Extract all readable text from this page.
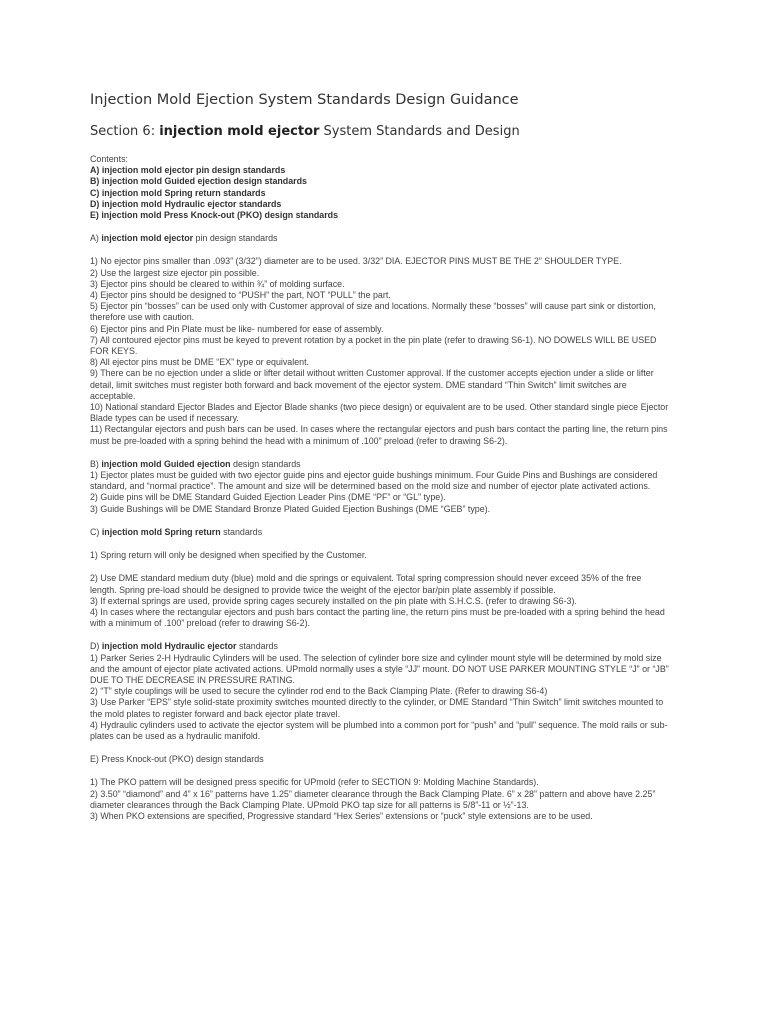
Injection Mold Ejection System Standards Design Guidance
Section 6: injection mold ejector System Standards and Design

Contents:

A) injection mold ejector pin design standards

B) injection mold Guided ejection design standards

C) injection mold Spring return standards

D) injection mold Hydraulic ejector standards

E) injection mold Press Knock-out (PKO) design standards

A) injection mold ejector pin design standards

1) No ejector pins smaller than .093” (3/32”) diameter are to be used. 3/32” DIA. EJECTOR PINS MUST BE THE 2” SHOULDER TYPE.

2) Use the largest size ejector pin possible.

3) Ejector pins should be cleared to within ¾” of molding surface.

4) Ejector pins should be designed to “PUSH” the part, NOT “PULL” the part.

5) Ejector pin “bosses” can be used only with Customer approval of size and locations. Normally these “bosses” will cause part sink or distortion, therefore use with caution.

6) Ejector pins and Pin Plate must be like- numbered for ease of assembly.

7) All contoured ejector pins must be keyed to prevent rotation by a pocket in the pin plate (refer to drawing S6-1). NO DOWELS WILL BE USED FOR KEYS.

8) All ejector pins must be DME “EX” type or equivalent.

9) There can be no ejection under a slide or lifter detail without written Customer approval. If the customer accepts ejection under a slide or lifter detail, limit switches must register both forward and back movement of the ejector system. DME standard “Thin Switch” limit switches are acceptable.

10) National standard Ejector Blades and Ejector Blade shanks (two piece design) or equivalent are to be used. Other standard single piece Ejector Blade types can be used if necessary.

11) Rectangular ejectors and push bars can be used. In cases where the rectangular ejectors and push bars contact the parting line, the return pins must be pre-loaded with a spring behind the head with a minimum of .100” preload (refer to drawing S6-2).

B) injection mold Guided ejection design standards

1) Ejector plates must be guided with two ejector guide pins and ejector guide bushings minimum. Four Guide Pins and Bushings are considered standard, and “normal practice”. The amount and size will be determined based on the mold size and number of ejector plate activated actions.

2) Guide pins will be DME Standard Guided Ejection Leader Pins (DME “PF” or “GL” type).

3) Guide Bushings will be DME Standard Bronze Plated Guided Ejection Bushings (DME “GEB” type).

C) injection mold Spring return standards

1) Spring return will only be designed when specified by the Customer.

2) Use DME standard medium duty (blue) mold and die springs or equivalent. Total spring compression should never exceed 35% of the free length. Spring pre-load should be designed to provide twice the weight of the ejector bar/pin plate assembly if possible.

3) If external springs are used, provide spring cages securely installed on the pin plate with S.H.C.S. (refer to drawing S6-3).

4) In cases where the rectangular ejectors and push bars contact the parting line, the return pins must be pre-loaded with a spring behind the head with a minimum of .100” preload (refer to drawing S6-2).

D) injection mold Hydraulic ejector standards

1) Parker Series 2-H Hydraulic Cylinders will be used. The selection of cylinder bore size and cylinder mount style will be determined by mold size and the amount of ejector plate activated actions. UPmold normally uses a style “JJ” mount. DO NOT USE PARKER MOUNTING STYLE “J” or “JB” DUE TO THE DECREASE IN PRESSURE RATING.

2) “T” style couplings will be used to secure the cylinder rod end to the Back Clamping Plate. (Refer to drawing S6-4)

3) Use Parker “EPS” style solid-state proximity switches mounted directly to the cylinder, or DME Standard “Thin Switch” limit switches mounted to the mold plates to register forward and back ejector plate travel.

4) Hydraulic cylinders used to activate the ejector system will be plumbed into a common port for “push” and “pull” sequence. The mold rails or sub-plates can be used as a hydraulic manifold.

E) Press Knock-out (PKO) design standards

1) The PKO pattern will be designed press specific for UPmold (refer to SECTION 9: Molding Machine Standards).

2) 3.50” “diamond” and 4” x 16” patterns have 1.25” diameter clearance through the Back Clamping Plate. 6” x 28” pattern and above have 2.25” diameter clearances through the Back Clamping Plate. UPmold PKO tap size for all patterns is 5/8”-11 or ½”-13.

3) When PKO extensions are specified, Progressive standard “Hex Series” extensions or “puck” style extensions are to be used.
